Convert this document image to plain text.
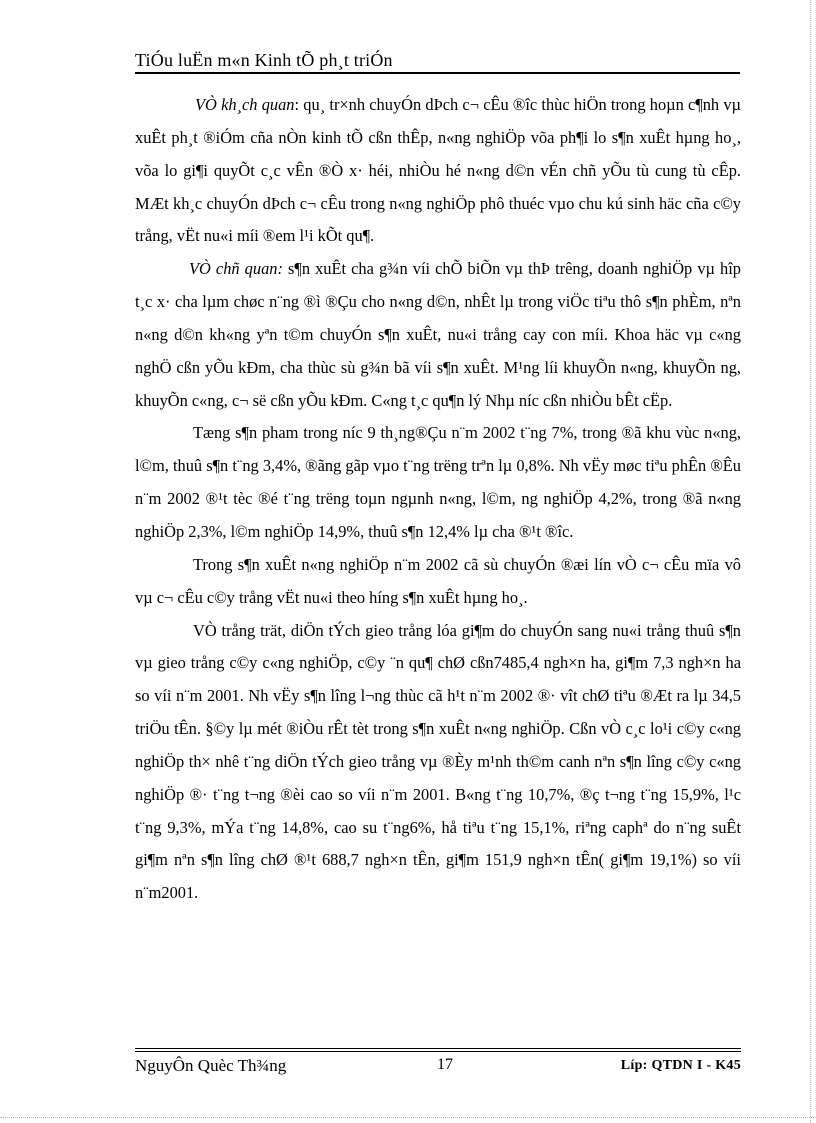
TiÓu luËn m«n Kinh tÕ ph¸t triÓn

VÒ kh¸ch quan: qu¸ tr×nh chuyÓn dÞch c¬ cÊu ®îc thùc hiÖn trong hoµn c¶nh vµ xuÊt ph¸t ®iÓm cña nÒn kinh tÕ cßn thÊp, n«ng nghiÖp võa ph¶i lo s¶n xuÊt hµng ho¸, võa lo gi¶i quyÕt c¸c vÊn ®Ò x· héi, nhiÒu hé n«ng d©n vÉn chñ yÕu tù cung tù cÊp. MÆt kh¸c chuyÓn dÞch c¬ cÊu trong n«ng nghiÖp phô thuéc vµo chu kú sinh häc cña c©y trång, vËt nu«i míi ®em l¹i kÕt qu¶.

VÒ chñ quan: s¶n xuÊt cha g¾n víi chÕ biÕn vµ thÞ trêng, doanh nghiÖp vµ hîp t¸c x· cha lµm chøc n¨ng ®ì ®Çu cho n«ng d©n, nhÊt lµ trong viÖc tiªu thô s¶n phÈm, nªn n«ng d©n kh«ng yªn t©m chuyÓn s¶n xuÊt, nu«i trång cay con míi. Khoa häc vµ c«ng nghÖ cßn yÕu kÐm, cha thùc sù g¾n bã víi s¶n xuÊt. M¹ng líi khuyÕn n«ng, khuyÕn ng, khuyÕn c«ng, c¬ së cßn yÕu kÐm. C«ng t¸c qu¶n lý Nhµ níc cßn nhiÒu bÊt cËp.

Tæng s¶n pham trong níc 9 th¸ng®Çu n¨m 2002 t¨ng 7%, trong ®ã khu vùc n«ng, l©m, thuû s¶n t¨ng 3,4%, ®ãng gãp vµo t¨ng trëng trªn lµ 0,8%. Nh vËy møc tiªu phÊn ®Êu n¨m 2002 ®¹t tèc ®é t¨ng trëng toµn ngµnh n«ng, l©m, ng nghiÖp 4,2%, trong ®ã n«ng nghiÖp 2,3%, l©m nghiÖp 14,9%, thuû s¶n 12,4% lµ cha ®¹t ®îc.

Trong s¶n xuÊt n«ng nghiÖp n¨m 2002 cã sù chuyÓn ®æi lín vÒ c¬ cÊu mïa vô vµ c¬ cÊu c©y trång vËt nu«i theo híng s¶n xuÊt hµng ho¸.

VÒ trång trät, diÖn tÝch gieo trång lóa gi¶m do chuyÓn sang nu«i trång thuû s¶n vµ gieo trång c©y c«ng nghiÖp, c©y ¨n qu¶ chØ cßn7485,4 ngh×n ha, gi¶m 7,3 ngh×n ha so víi n¨m 2001. Nh vËy s¶n lîng l¬ng thùc cã h¹t n¨m 2002 ®· vît chØ tiªu ®Æt ra lµ 34,5 triÖu tÊn. §©y lµ mét ®iÒu rÊt tèt trong s¶n xuÊt n«ng nghiÖp. Cßn vÒ c¸c lo¹i c©y c«ng nghiÖp th× nhê t¨ng diÖn tÝch gieo trång vµ ®Èy m¹nh th©m canh nªn s¶n lîng c©y c«ng nghiÖp ®· t¨ng t¬ng ®èi cao so víi n¨m 2001. B«ng t¨ng 10,7%, ®ç t¬ng t¨ng 15,9%, l¹c t¨ng 9,3%, mÝa t¨ng 14,8%, cao su t¨ng6%, hå tiªu t¨ng 15,1%, riªng caphª do n¨ng suÊt gi¶m nªn s¶n lîng chØ ®¹t 688,7 ngh×n tÊn, gi¶m 151,9 ngh×n tÊn( gi¶m 19,1%) so víi n¨m2001.

NguyÔn Quèc Th¾ng	17	Líp: QTDN I - K45
